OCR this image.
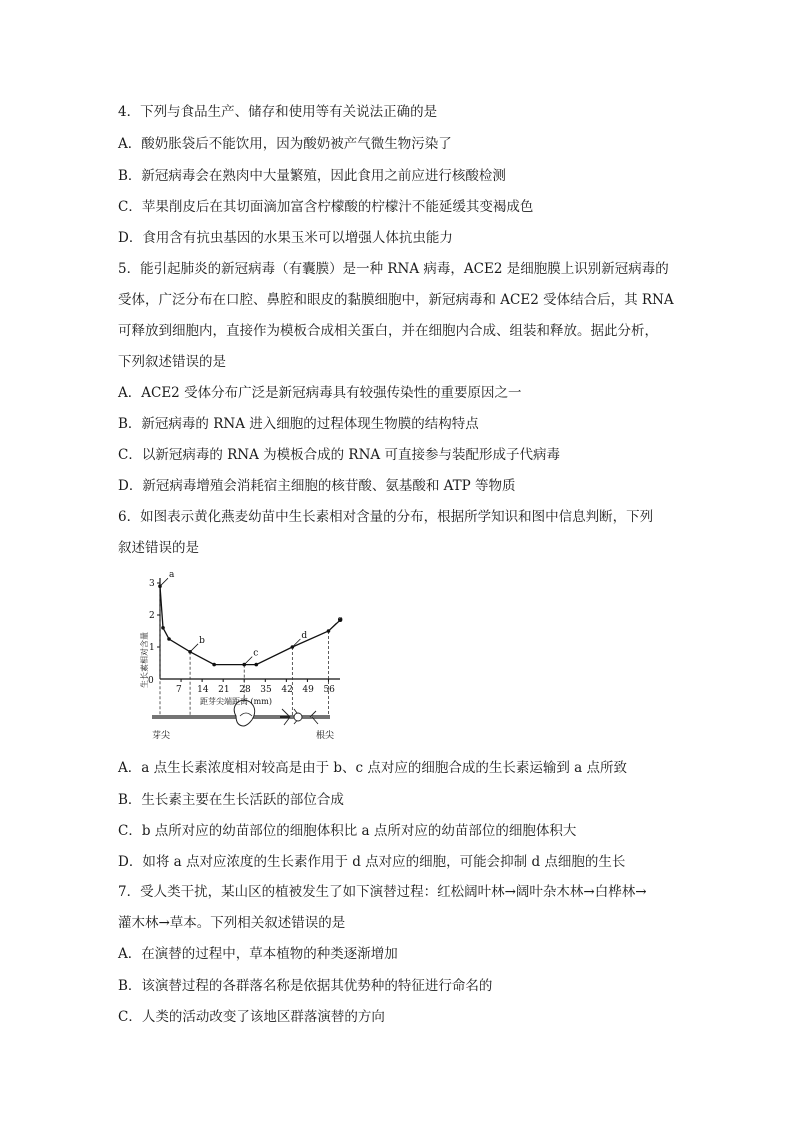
4．下列与食品生产、储存和使用等有关说法正确的是
A．酸奶胀袋后不能饮用，因为酸奶被产气微生物污染了
B．新冠病毒会在熟肉中大量繁殖，因此食用之前应进行核酸检测
C．苹果削皮后在其切面滴加富含柠檬酸的柠檬汁不能延缓其变褐成色
D．食用含有抗虫基因的水果玉米可以增强人体抗虫能力
5．能引起肺炎的新冠病毒（有囊膜）是一种 RNA 病毒，ACE2 是细胞膜上识别新冠病毒的
受体，广泛分布在口腔、鼻腔和眼皮的黏膜细胞中，新冠病毒和 ACE2 受体结合后，其 RNA
可释放到细胞内，直接作为模板合成相关蛋白，并在细胞内合成、组装和释放。据此分析，
下列叙述错误的是
A．ACE2 受体分布广泛是新冠病毒具有较强传染性的重要原因之一
B．新冠病毒的 RNA 进入细胞的过程体现生物膜的结构特点
C．以新冠病毒的 RNA 为模板合成的 RNA 可直接参与装配形成子代病毒
D．新冠病毒增殖会消耗宿主细胞的核苷酸、氨基酸和 ATP 等物质
6．如图表示黄化燕麦幼苗中生长素相对含量的分布，根据所学知识和图中信息判断，下列
叙述错误的是
A．a 点生长素浓度相对较高是由于 b、c 点对应的细胞合成的生长素运输到 a 点所致
B．生长素主要在生长活跃的部位合成
C．b 点所对应的幼苗部位的细胞体积比 a 点所对应的幼苗部位的细胞体积大
D．如将 a 点对应浓度的生长素作用于 d 点对应的细胞，可能会抑制 d 点细胞的生长
7．受人类干扰，某山区的植被发生了如下演替过程：红松阔叶林→阔叶杂木林→白桦林→
灌木林→草本。下列相关叙述错误的是
A．在演替的过程中，草本植物的种类逐渐增加
B．该演替过程的各群落名称是依据其优势种的特征进行命名的
C．人类的活动改变了该地区群落演替的方向
1
2
3
7 14 21 28 35 42 49 56
a
b
c
d
e
芽尖	根尖
生长素相对含量
距芽尖端距离 (mm)
0
